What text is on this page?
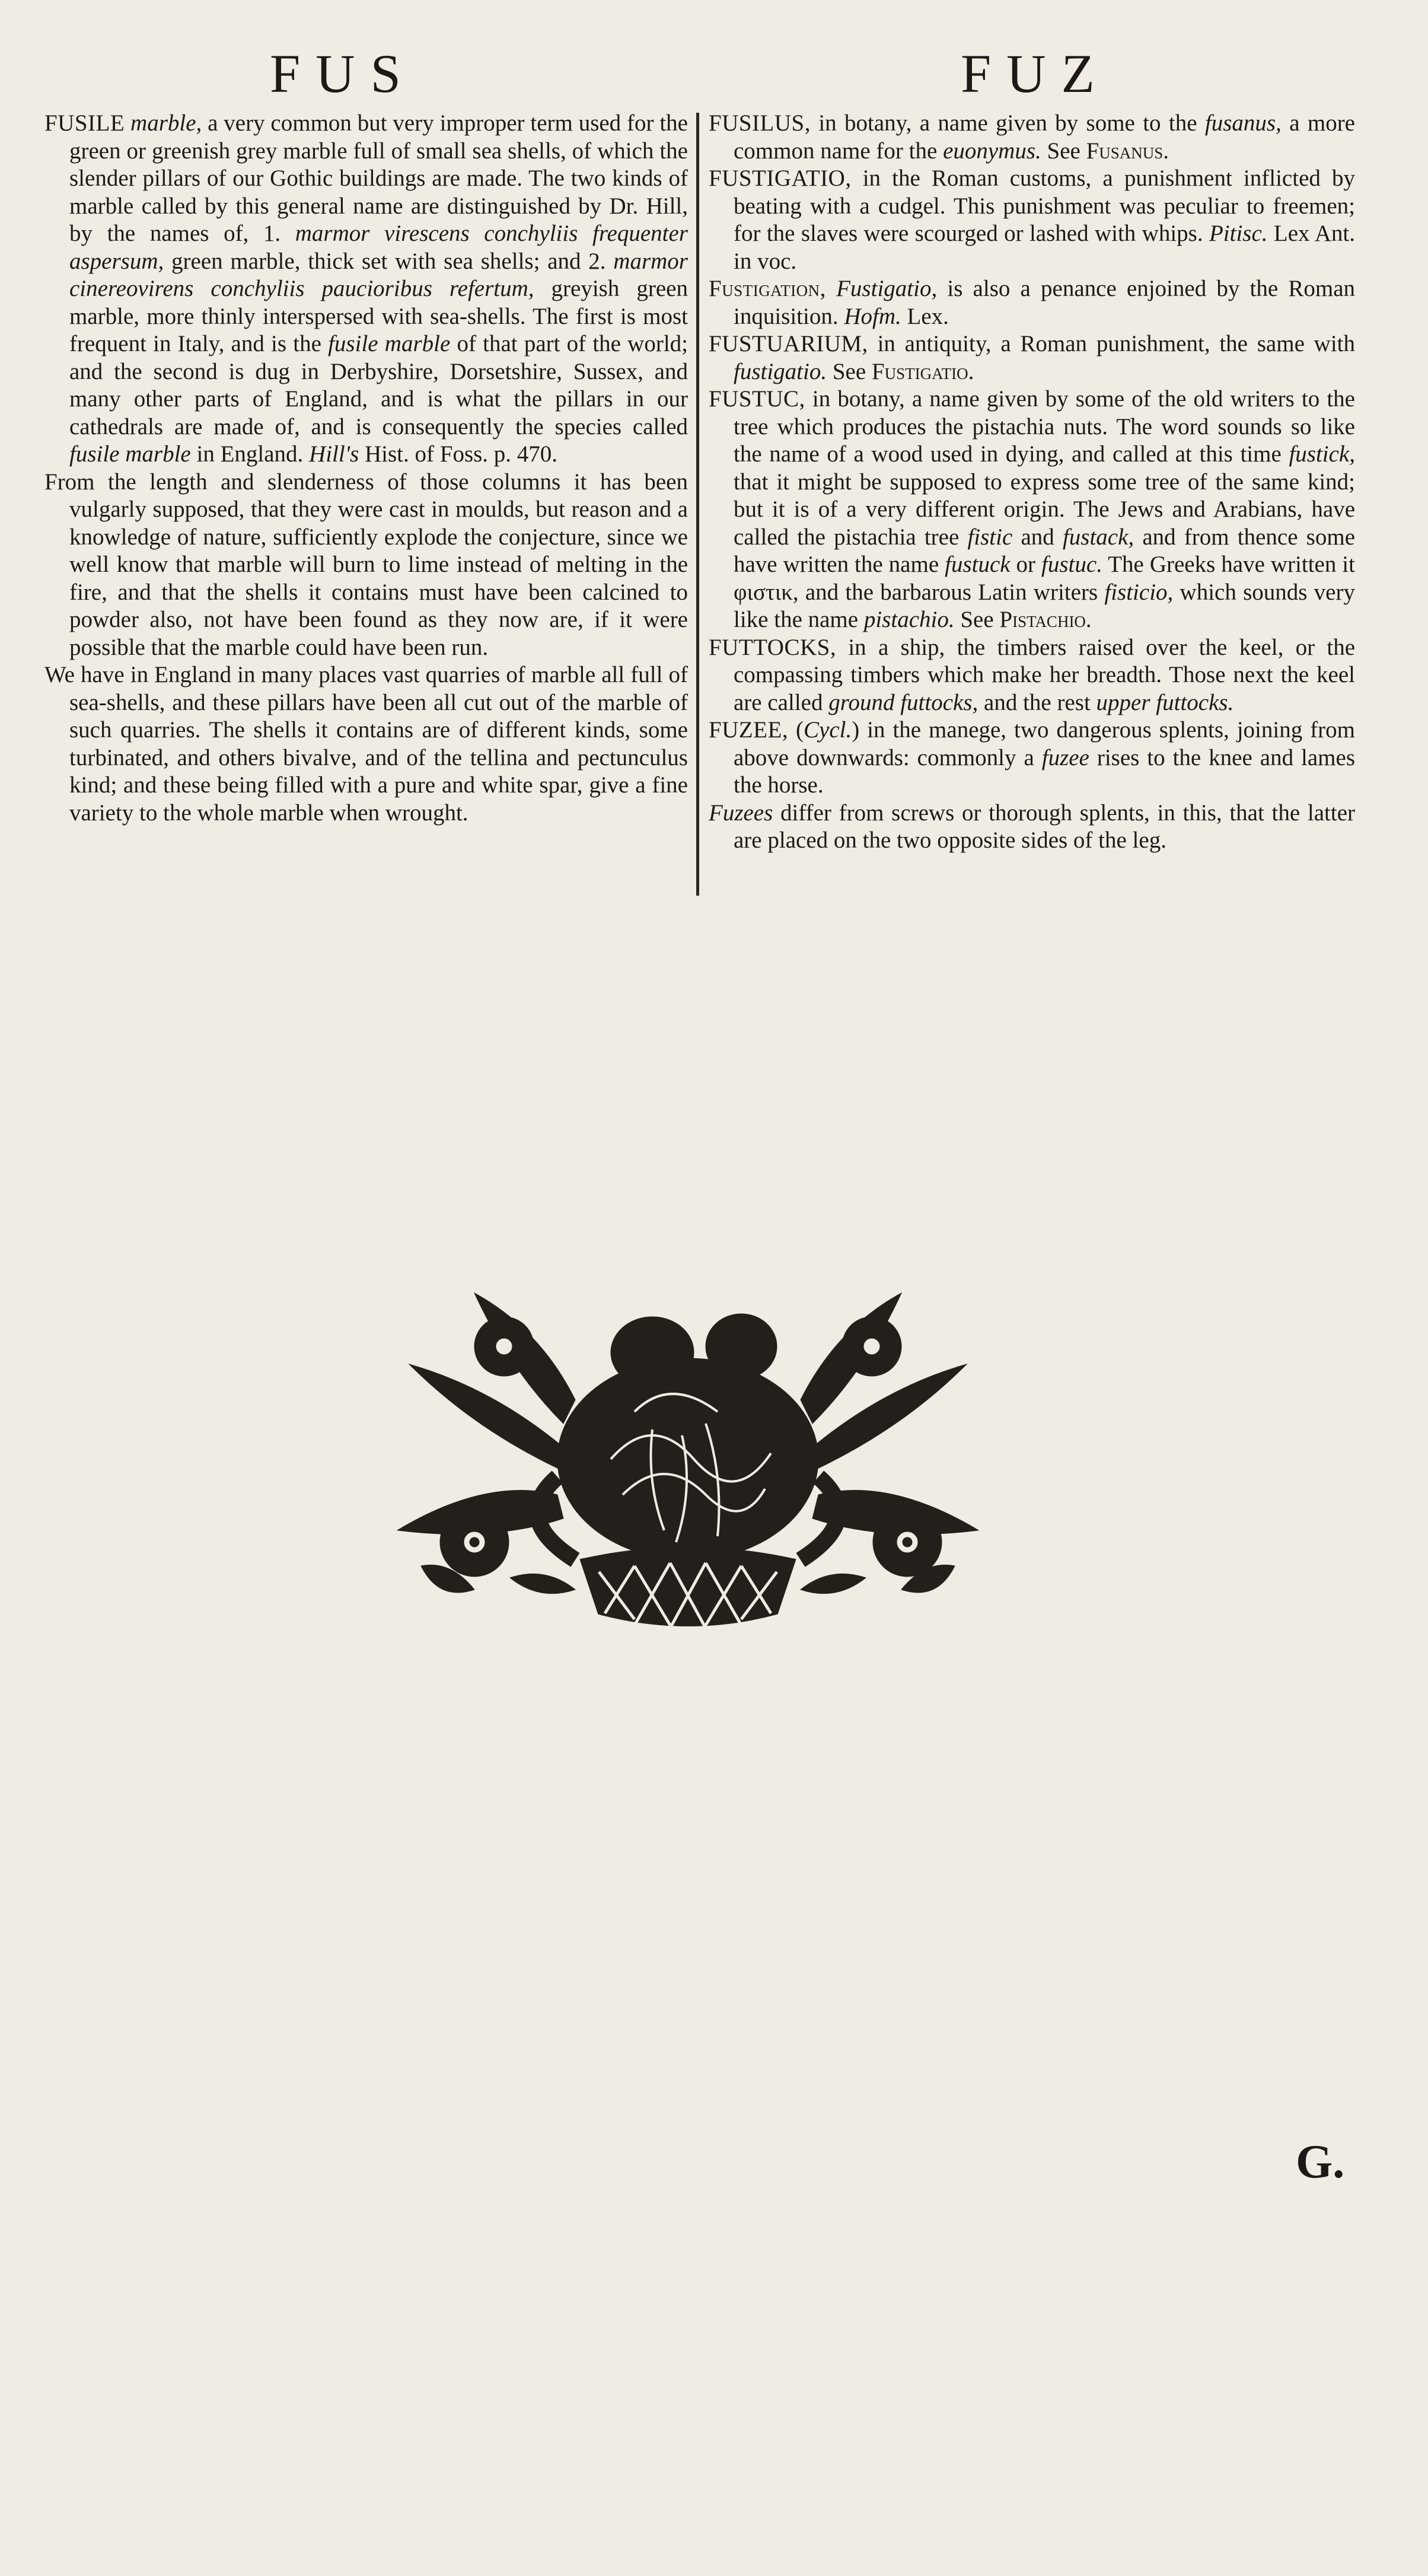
FUS	FUZ

FUSILE marble, a very common but very improper term used for the green or greenish grey marble full of small sea shells, of which the slender pillars of our Gothic buildings are made. The two kinds of marble called by this general name are distinguished by Dr. Hill, by the names of, 1. marmor virescens conchyliis frequenter aspersum, green marble, thick set with sea shells; and 2. marmor cinereovirens conchyliis paucioribus refertum, greyish green marble, more thinly interspersed with sea-shells. The first is most frequent in Italy, and is the fusile marble of that part of the world; and the second is dug in Derbyshire, Dorsetshire, Sussex, and many other parts of England, and is what the pillars in our cathedrals are made of, and is consequently the species called fusile marble in England. Hill's Hist. of Foss. p. 470.

From the length and slenderness of those columns it has been vulgarly supposed, that they were cast in moulds, but reason and a knowledge of nature, sufficiently explode the conjecture, since we well know that marble will burn to lime instead of melting in the fire, and that the shells it contains must have been calcined to powder also, not have been found as they now are, if it were possible that the marble could have been run.

We have in England in many places vast quarries of marble all full of sea-shells, and these pillars have been all cut out of the marble of such quarries. The shells it contains are of different kinds, some turbinated, and others bivalve, and of the tellina and pectunculus kind; and these being filled with a pure and white spar, give a fine variety to the whole marble when wrought.

FUSILUS, in botany, a name given by some to the fusanus, a more common name for the euonymus. See Fusanus.

FUSTIGATIO, in the Roman customs, a punishment inflicted by beating with a cudgel. This punishment was peculiar to freemen; for the slaves were scourged or lashed with whips. Pitisc. Lex Ant. in voc.

Fustigation, Fustigatio, is also a penance enjoined by the Roman inquisition. Hofm. Lex.

FUSTUARIUM, in antiquity, a Roman punishment, the same with fustigatio. See Fustigatio.

FUSTUC, in botany, a name given by some of the old writers to the tree which produces the pistachia nuts. The word sounds so like the name of a wood used in dying, and called at this time fustick, that it might be supposed to express some tree of the same kind; but it is of a very different origin. The Jews and Arabians, have called the pistachia tree fistic and fustack, and from thence some have written the name fustuck or fustuc. The Greeks have written it φιστικ, and the barbarous Latin writers fisticio, which sounds very like the name pistachio. See Pistachio.

FUTTOCKS, in a ship, the timbers raised over the keel, or the compassing timbers which make her breadth. Those next the keel are called ground futtocks, and the rest upper futtocks.

FUZEE, (Cycl.) in the manege, two dangerous splents, joining from above downwards: commonly a fuzee rises to the knee and lames the horse.

Fuzees differ from screws or thorough splents, in this, that the latter are placed on the two opposite sides of the leg.

G.
